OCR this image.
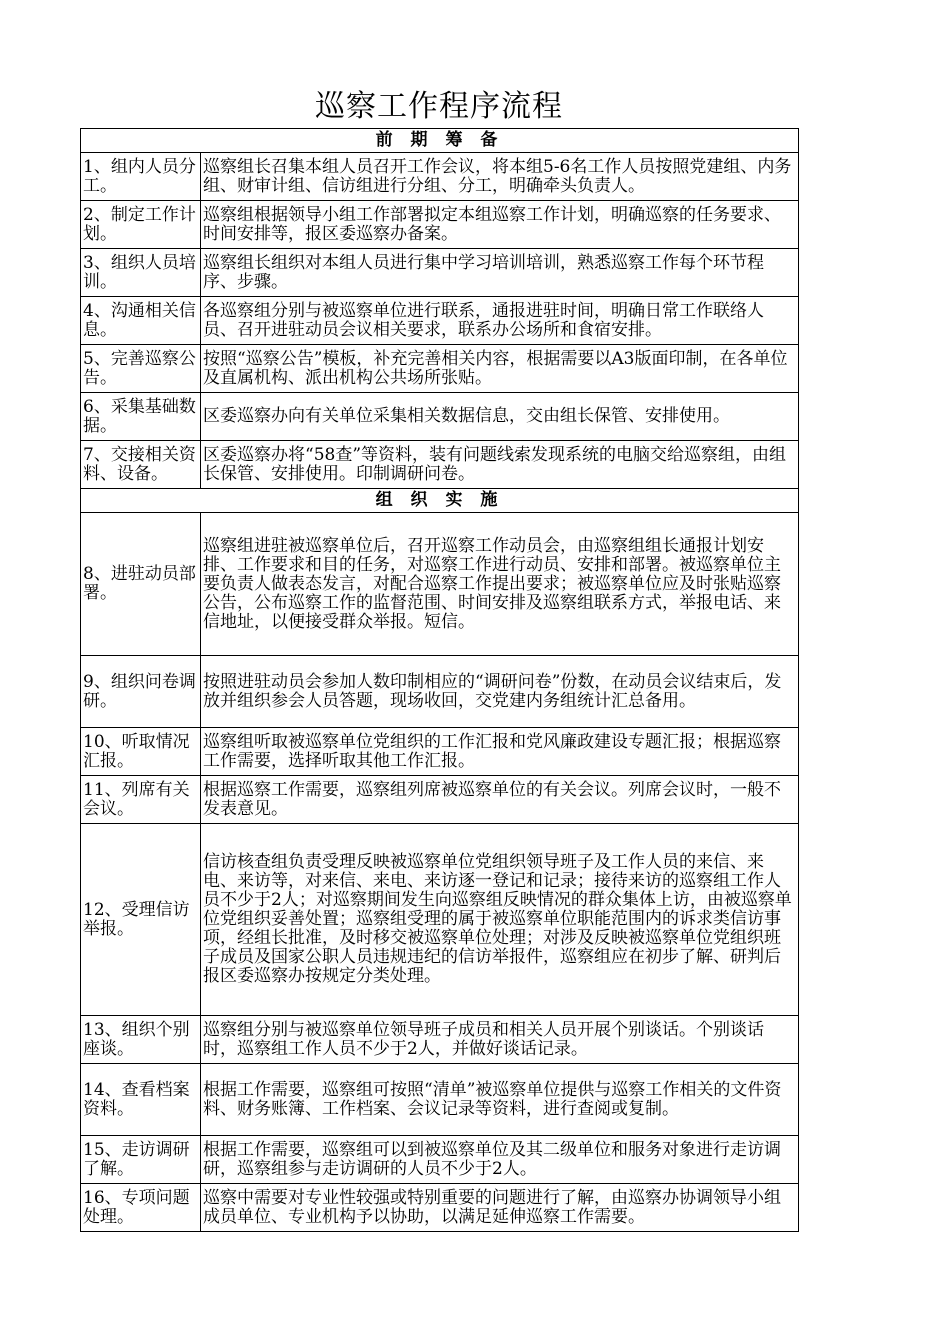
巡察工作程序流程
前 期 筹 备	
1、组内人员分工。	巡察组长召集本组人员召开工作会议，将本组5-6名工作人员按照党建组、内务组、财审计组、信访组进行分组、分工，明确牵头负责人。
2、制定工作计划。	巡察组根据领导小组工作部署拟定本组巡察工作计划，明确巡察的任务要求、时间安排等，报区委巡察办备案。
3、组织人员培训。	巡察组长组织对本组人员进行集中学习培训培训，熟悉巡察工作每个环节程序、步骤。
4、沟通相关信息。	各巡察组分别与被巡察单位进行联系，通报进驻时间，明确日常工作联络人员、召开进驻动员会议相关要求，联系办公场所和食宿安排。
5、完善巡察公告。	按照“巡察公告”模板，补充完善相关内容，根据需要以A3版面印制，在各单位及直属机构、派出机构公共场所张贴。
6、采集基础数据。	区委巡察办向有关单位采集相关数据信息，交由组长保管、安排使用。
7、交接相关资料、设备。	区委巡察办将“58查”等资料，装有问题线索发现系统的电脑交给巡察组，由组长保管、安排使用。印制调研问卷。
组 织 实 施	
8、进驻动员部署。	巡察组进驻被巡察单位后，召开巡察工作动员会，由巡察组组长通报计划安排、工作要求和目的任务，对巡察工作进行动员、安排和部署。被巡察单位主要负责人做表态发言，对配合巡察工作提出要求；被巡察单位应及时张贴巡察公告，公布巡察工作的监督范围、时间安排及巡察组联系方式，举报电话、来信地址，以便接受群众举报。短信。
9、组织问卷调研。	按照进驻动员会参加人数印制相应的“调研问卷”份数，在动员会议结束后，发放并组织参会人员答题，现场收回，交党建内务组统计汇总备用。
10、听取情况汇报。	巡察组听取被巡察单位党组织的工作汇报和党风廉政建设专题汇报；根据巡察工作需要，选择听取其他工作汇报。
11、列席有关会议。	根据巡察工作需要，巡察组列席被巡察单位的有关会议。列席会议时，一般不发表意见。
12、受理信访举报。	信访核查组负责受理反映被巡察单位党组织领导班子及工作人员的来信、来电、来访等，对来信、来电、来访逐一登记和记录；接待来访的巡察组工作人员不少于2人；对巡察期间发生向巡察组反映情况的群众集体上访，由被巡察单位党组织妥善处置；巡察组受理的属于被巡察单位职能范围内的诉求类信访事项，经组长批准，及时移交被巡察单位处理；对涉及反映被巡察单位党组织班子成员及国家公职人员违规违纪的信访举报件，巡察组应在初步了解、研判后报区委巡察办按规定分类处理。
13、组织个别座谈。	巡察组分别与被巡察单位领导班子成员和相关人员开展个别谈话。个别谈话时，巡察组工作人员不少于2人，并做好谈话记录。
14、查看档案资料。	根据工作需要，巡察组可按照“清单”被巡察单位提供与巡察工作相关的文件资料、财务账簿、工作档案、会议记录等资料，进行查阅或复制。
15、走访调研了解。	根据工作需要，巡察组可以到被巡察单位及其二级单位和服务对象进行走访调研，巡察组参与走访调研的人员不少于2人。
16、专项问题处理。	巡察中需要对专业性较强或特别重要的问题进行了解，由巡察办协调领导小组成员单位、专业机构予以协助，以满足延伸巡察工作需要。
